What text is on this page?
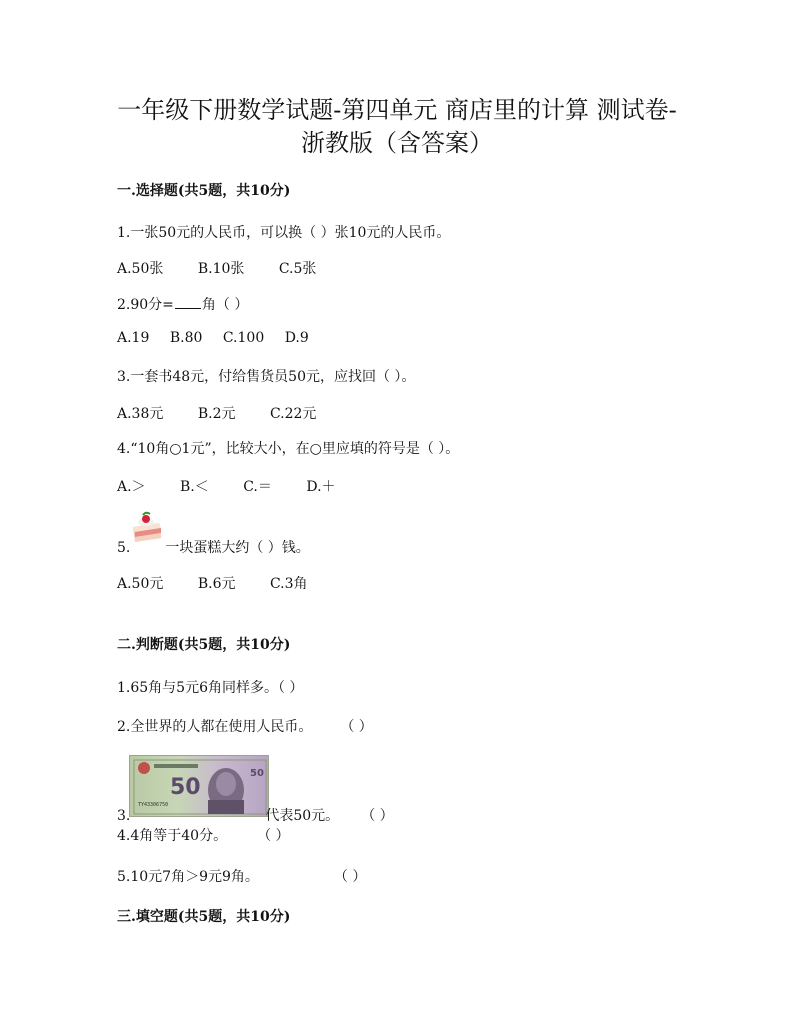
一年级下册数学试题-第四单元 商店里的计算 测试卷-
浙教版（含答案）
一.选择题(共5题，共10分)
1.一张50元的人民币，可以换（ ）张10元的人民币。
A.50张 B.10张 C.5张
2.90分= 角（ ）
A.19 B.80 C.100 D.9
3.一套书48元，付给售货员50元，应找回（ ）。
A.38元 B.2元 C.22元
4.“10角○1元”，比较大小，在○里应填的符号是（ ）。
A.＞ B.＜ C.＝ D.＋
5.	一块蛋糕大约（ ）钱。
A.50元 B.6元 C.3角
二.判断题(共5题，共10分)
1.65角与5元6角同样多。（ ）
2.全世界的人都在使用人民币。 （ ）
50
50
TY43306750
3.	代表50元。 （ ）
4.4角等于40分。 （ ）
5.10元7角＞9元9角。	（ ）
三.填空题(共5题，共10分)
